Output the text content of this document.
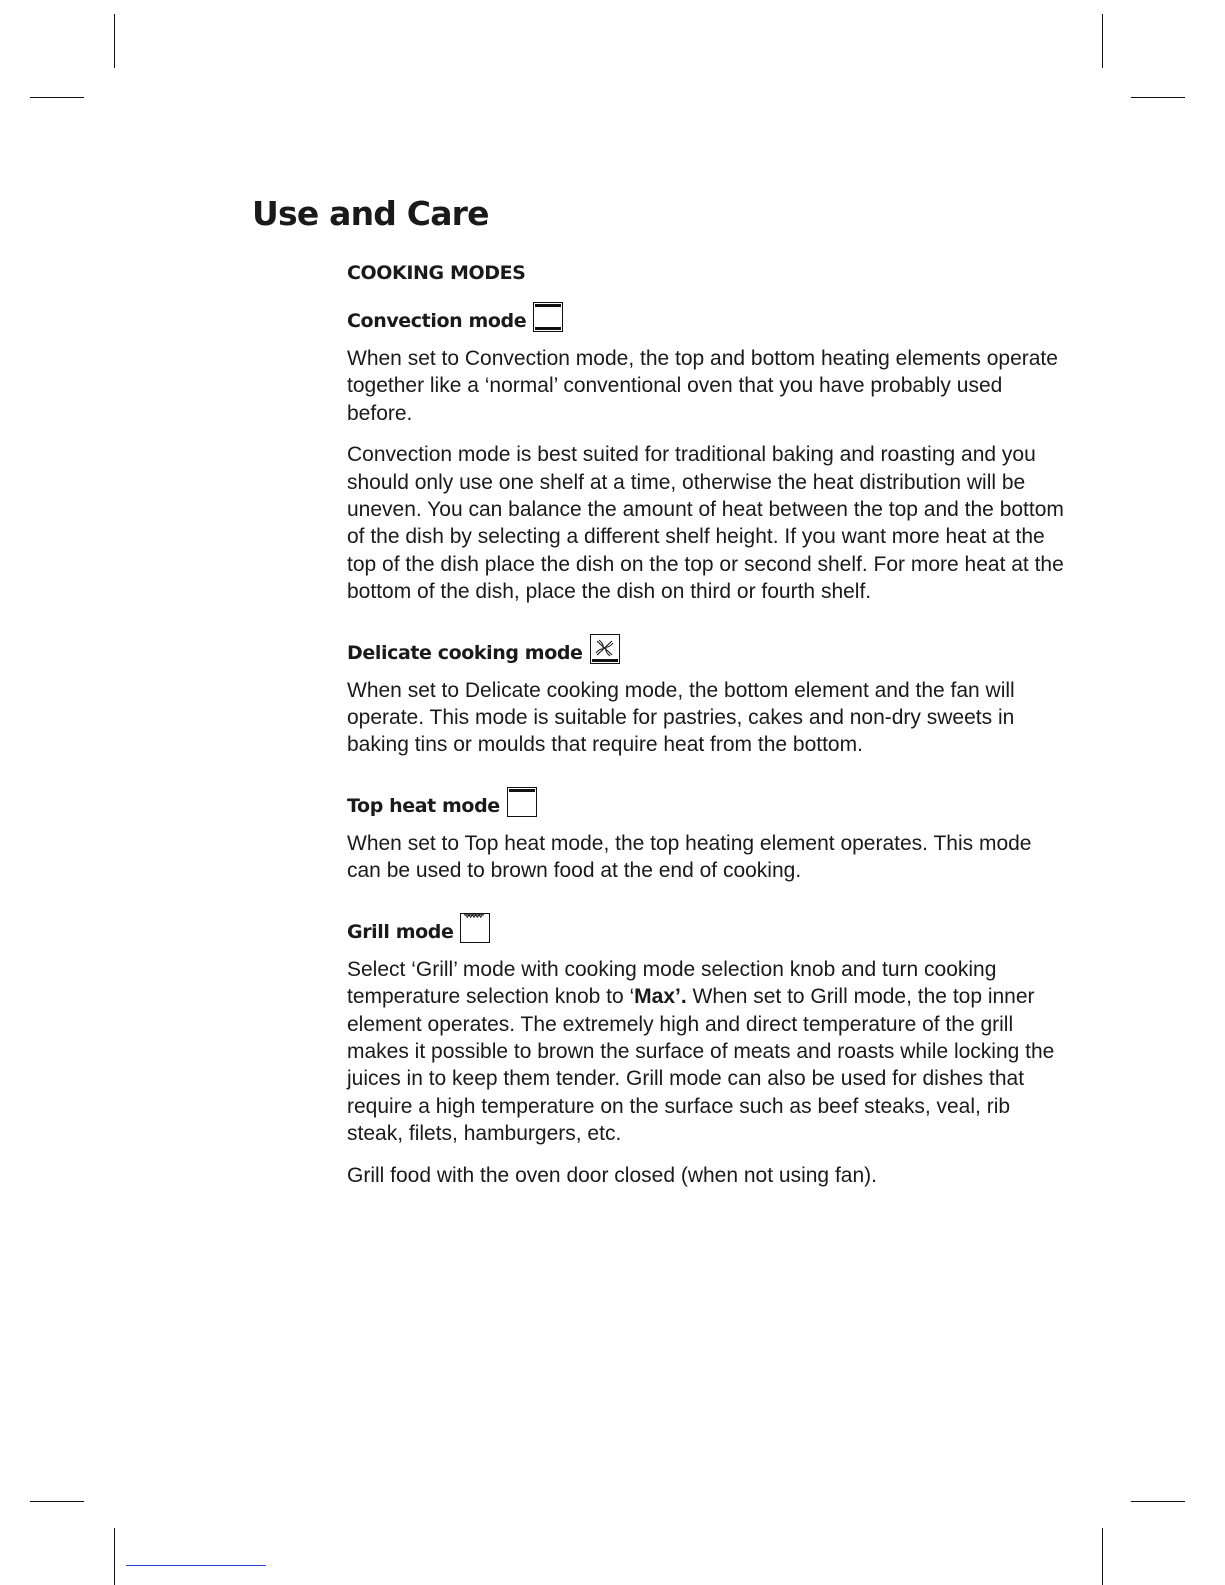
Use and Care
COOKING MODES
Convection mode

When set to Convection mode, the top and bottom heating elements operate together like a ‘normal’ conventional oven that you have probably used before.

Convection mode is best suited for traditional baking and roasting and you should only use one shelf at a time, otherwise the heat distribution will be uneven. You can balance the amount of heat between the top and the bottom of the dish by selecting a different shelf height. If you want more heat at the top of the dish place the dish on the top or second shelf. For more heat at the bottom of the dish, place the dish on third or fourth shelf.

Delicate cooking mode

When set to Delicate cooking mode, the bottom element and the fan will operate. This mode is suitable for pastries, cakes and non-dry sweets in baking tins or moulds that require heat from the bottom.

Top heat mode

When set to Top heat mode, the top heating element operates. This mode can be used to brown food at the end of cooking.

Grill mode

Select ‘Grill’ mode with cooking mode selection knob and turn cooking temperature selection knob to ‘Max’. When set to Grill mode, the top inner element operates. The extremely high and direct temperature of the grill makes it possible to brown the surface of meats and roasts while locking the juices in to keep them tender. Grill mode can also be used for dishes that require a high temperature on the surface such as beef steaks, veal, rib steak, filets, hamburgers, etc.

Grill food with the oven door closed (when not using fan).
